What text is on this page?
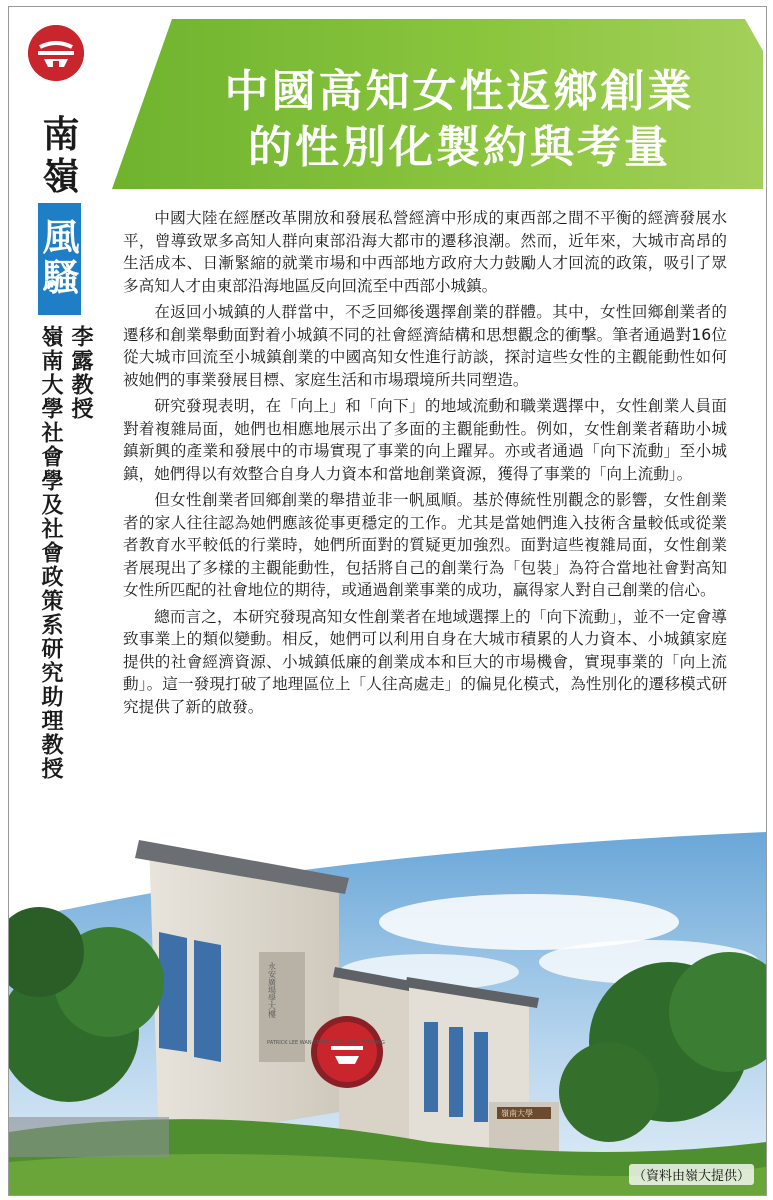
南嶺
風騷
李露教授
嶺南大學社會學及社會政策系研究助理教授
中國高知女性返鄉創業
的性別化製約與考量

中國大陸在經歷改革開放和發展私營經濟中形成的東西部之間不平衡的經濟發展水平，曾導致眾多高知人群向東部沿海大都市的遷移浪潮。然而，近年來，大城市高昂的生活成本、日漸緊縮的就業市場和中西部地方政府大力鼓勵人才回流的政策，吸引了眾多高知人才由東部沿海地區反向回流至中西部小城鎮。

在返回小城鎮的人群當中，不乏回鄉後選擇創業的群體。其中，女性回鄉創業者的遷移和創業舉動面對着小城鎮不同的社會經濟結構和思想觀念的衝擊。筆者通過對16位從大城市回流至小城鎮創業的中國高知女性進行訪談，探討這些女性的主觀能動性如何被她們的事業發展目標、家庭生活和市場環境所共同塑造。

研究發現表明，在「向上」和「向下」的地域流動和職業選擇中，女性創業人員面對着複雜局面，她們也相應地展示出了多面的主觀能動性。例如，女性創業者藉助小城鎮新興的產業和發展中的市場實現了事業的向上躍昇。亦或者通過「向下流動」至小城鎮，她們得以有效整合自身人力資本和當地創業資源，獲得了事業的「向上流動」。

但女性創業者回鄉創業的舉措並非一帆風順。基於傳統性別觀念的影響，女性創業者的家人往往認為她們應該從事更穩定的工作。尤其是當她們進入技術含量較低或從業者教育水平較低的行業時，她們所面對的質疑更加強烈。面對這些複雜局面，女性創業者展現出了多樣的主觀能動性，包括將自己的創業行為「包裝」為符合當地社會對高知女性所匹配的社會地位的期待，或通過創業事業的成功，贏得家人對自己創業的信心。

總而言之，本研究發現高知女性創業者在地域選擇上的「向下流動」，並不一定會導致事業上的類似變動。相反，她們可以利用自身在大城市積累的人力資本、小城鎮家庭提供的社會經濟資源、小城鎮低廉的創業成本和巨大的市場機會，實現事業的「向上流動」。這一發現打破了地理區位上「人往高處走」的偏見化模式，為性別化的遷移模式研究提供了新的啟發。

永安廣場學大樓
PATRICK LEE WAN KEUNG ACADEMIC BUILDING
嶺南大學
（資料由嶺大提供）
